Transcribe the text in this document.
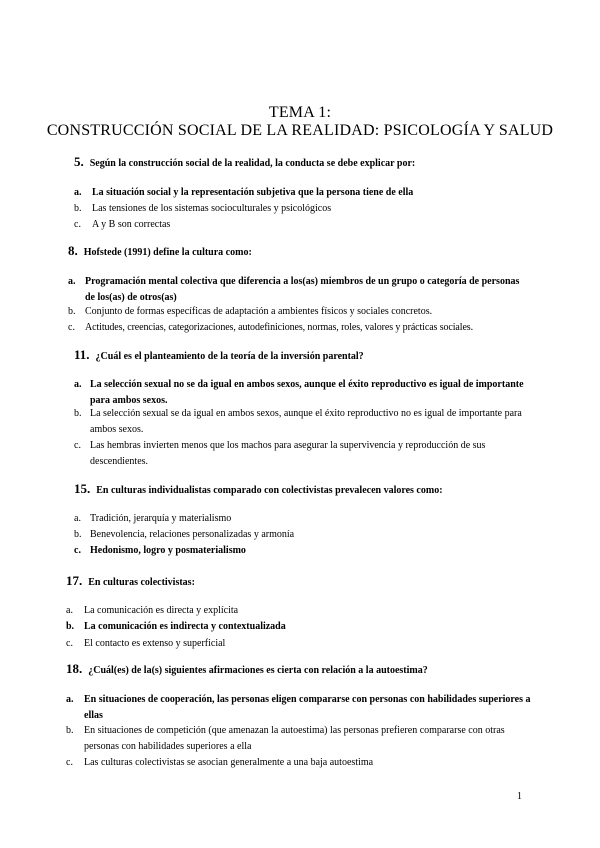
TEMA 1:
CONSTRUCCIÓN SOCIAL DE LA REALIDAD: PSICOLOGÍA Y SALUD
5. Según la construcción social de la realidad, la conducta se debe explicar por:
a.	La situación social y la representación subjetiva que la persona tiene de ella
b.	Las tensiones de los sistemas socioculturales y psicológicos
c.	A y B son correctas
8. Hofstede (1991) define la cultura como:
a. Programación mental colectiva que diferencia a los(as) miembros de un grupo o categoría de personas de los(as) de otros(as)
b. Conjunto de formas específicas de adaptación a ambientes físicos y sociales concretos.
c.	Actitudes, creencias, categorizaciones, autodefiniciones, normas, roles, valores y prácticas sociales.
11. ¿Cuál es el planteamiento de la teoría de la inversión parental?
a. La selección sexual no se da igual en ambos sexos, aunque el éxito reproductivo es igual de importante para ambos sexos.
b. La selección sexual se da igual en ambos sexos, aunque el éxito reproductivo no es igual de importante para ambos sexos.
c. Las hembras invierten menos que los machos para asegurar la supervivencia y reproducción de sus descendientes.
15. En culturas individualistas comparado con colectivistas prevalecen valores como:
a. Tradición, jerarquía y materialismo
b. Benevolencia, relaciones personalizadas y armonía
c. Hedonismo, logro y posmaterialismo
17. En culturas colectivistas:
a.	La comunicación es directa y explícita
b. La comunicación es indirecta y contextualizada
c.	El contacto es extenso y superficial
18. ¿Cuál(es) de la(s) siguientes afirmaciones es cierta con relación a la autoestima?
a.	En situaciones de cooperación, las personas eligen compararse con personas con habilidades superiores a ellas
b.	En situaciones de competición (que amenazan la autoestima) las personas prefieren compararse con otras personas con habilidades superiores a ella
c.	Las culturas colectivistas se asocian generalmente a una baja autoestima
1
